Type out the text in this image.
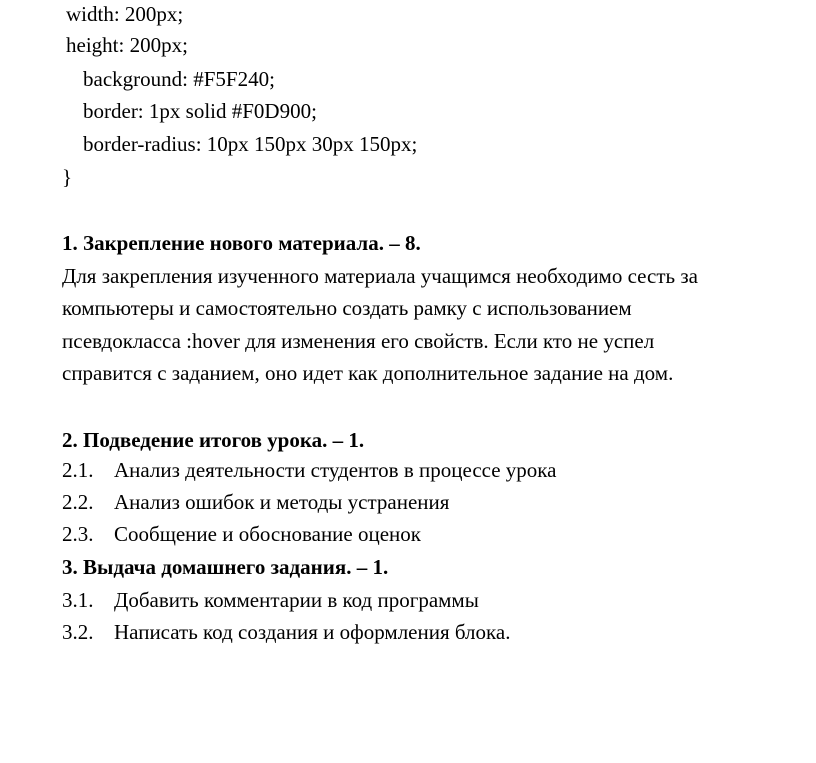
width: 200px;
height: 200px;
background: #F5F240;
border: 1px solid #F0D900;
border-radius: 10px 150px 30px 150px;
}
1. Закрепление нового материала. – 8.
Для закрепления изученного материала учащимся необходимо сесть за
компьютеры и самостоятельно создать рамку с использованием
псевдокласса :hover для изменения его свойств. Если кто не успел
справится с заданием, оно идет как дополнительное задание на дом.
2. Подведение итогов урока. – 1.
2.1. Анализ деятельности студентов в процессе урока
2.2. Анализ ошибок и методы устранения
2.3. Сообщение и обоснование оценок
3. Выдача домашнего задания. – 1.
3.1. Добавить комментарии в код программы
3.2. Написать код создания и оформления блока.
